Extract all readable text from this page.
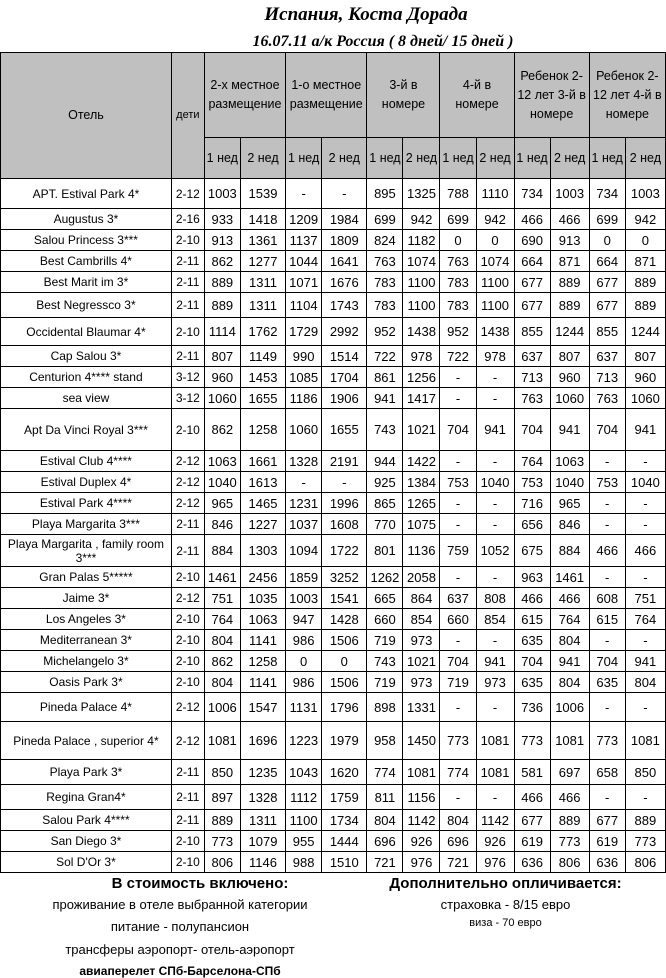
Испания, Коста Дорада
16.07.11 а/к Россия ( 8 дней/ 15 дней )
Отель	дети	2-х местное размещение		1-о местное размещение		3-й в номере		4-й в номере		Ребенок 2-12 лет 3-й в номере		Ребенок 2-12 лет 4-й в номере	
		1 нед	2 нед	1 нед	2 нед	1 нед	2 нед	1 нед	2 нед	1 нед	2 нед	1 нед	2 нед
APT. Estival Park 4*	2-12	1003	1539	-	-	895	1325	788	1110	734	1003	734	1003
Augustus 3*	2-16	933	1418	1209	1984	699	942	699	942	466	466	699	942
Salou Princess 3***	2-10	913	1361	1137	1809	824	1182	0	0	690	913	0	0
Best Cambrills 4*	2-11	862	1277	1044	1641	763	1074	763	1074	664	871	664	871
Best Marit im 3*	2-11	889	1311	1071	1676	783	1100	783	1100	677	889	677	889
Best Negressco 3*	2-11	889	1311	1104	1743	783	1100	783	1100	677	889	677	889
Occidental Blaumar 4*	2-10	1114	1762	1729	2992	952	1438	952	1438	855	1244	855	1244
Cap Salou 3*	2-11	807	1149	990	1514	722	978	722	978	637	807	637	807
Centurion 4**** stand	3-12	960	1453	1085	1704	861	1256	-	-	713	960	713	960
sea view	3-12	1060	1655	1186	1906	941	1417	-	-	763	1060	763	1060
Apt Da Vinci Royal 3***	2-10	862	1258	1060	1655	743	1021	704	941	704	941	704	941
Estival Club 4****	2-12	1063	1661	1328	2191	944	1422	-	-	764	1063	-	-
Estival Duplex 4*	2-12	1040	1613	-	-	925	1384	753	1040	753	1040	753	1040
Estival Park 4****	2-12	965	1465	1231	1996	865	1265	-	-	716	965	-	-
Playa Margarita 3***	2-11	846	1227	1037	1608	770	1075	-	-	656	846	-	-
Playa Margarita , family room 3***	2-11	884	1303	1094	1722	801	1136	759	1052	675	884	466	466
Gran Palas 5*****	2-10	1461	2456	1859	3252	1262	2058	-	-	963	1461	-	-
Jaime 3*	2-12	751	1035	1003	1541	665	864	637	808	466	466	608	751
Los Angeles 3*	2-10	764	1063	947	1428	660	854	660	854	615	764	615	764
Mediterranean 3*	2-10	804	1141	986	1506	719	973	-	-	635	804	-	-
Michelangelo 3*	2-10	862	1258	0	0	743	1021	704	941	704	941	704	941
Oasis Park 3*	2-10	804	1141	986	1506	719	973	719	973	635	804	635	804
Pineda Palace 4*	2-12	1006	1547	1131	1796	898	1331	-	-	736	1006	-	-
Pineda Palace , superior 4*	2-12	1081	1696	1223	1979	958	1450	773	1081	773	1081	773	1081
Playa Park 3*	2-11	850	1235	1043	1620	774	1081	774	1081	581	697	658	850
Regina Gran4*	2-11	897	1328	1112	1759	811	1156	-	-	466	466	-	-
Salou Park 4****	2-11	889	1311	1100	1734	804	1142	804	1142	677	889	677	889
San Diego 3*	2-10	773	1079	955	1444	696	926	696	926	619	773	619	773
Sol D'Or 3*	2-10	806	1146	988	1510	721	976	721	976	636	806	636	806
В стоимость включено:	Дополнительно опличивается:
проживание в отеле выбранной категории	страховка - 8/15 евро
питание - полупансион	виза - 70 евро
трансферы аэропорт- отель-аэропорт
авиаперелет СПб-Барселона-СПб
